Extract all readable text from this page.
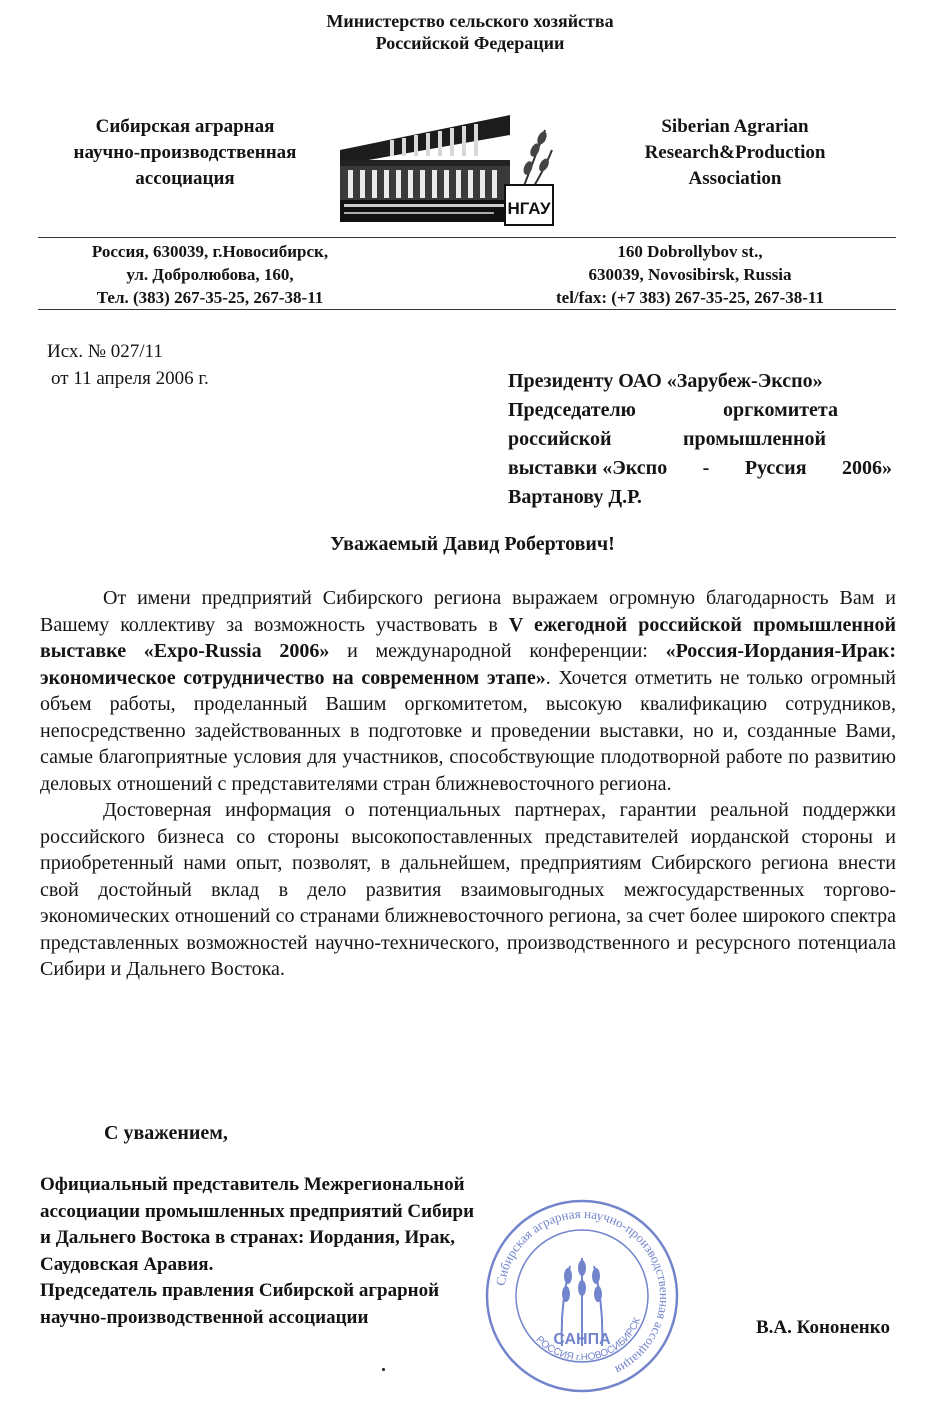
Министерство сельского хозяйства
Российской Федерации
Сибирская аграрная
научно-производственная
ассоциация
НГАУ
Siberian Agrarian
Research&Production
Association
Россия, 630039, г.Новосибирск,
ул. Добролюбова, 160,
Тел. (383) 267-35-25, 267-38-11
160 Dobrollybov st.,
630039, Novosibirsk, Russia
tel/fax: (+7 383) 267-35-25, 267-38-11
Исх. № 027/11
от 11 апреля 2006 г.	Президенту ОАО «Зарубеж-Экспо»
Председателю	оргкомитета
российской	промышленной
выставки «Экспо - Руссия 2006»
Вартанову Д.Р.
Уважаемый Давид Робертович!

От имени предприятий Сибирского региона выражаем огромную благодарность Вам и Вашему коллективу за возможность участвовать в V ежегодной российской промышленной выставке «Expo-Russia 2006» и международной конференции: «Россия-Иордания-Ирак: экономическое сотрудничество на современном этапе». Хочется отметить не только огромный объем работы, проделанный Вашим оргкомитетом, высокую квалификацию сотрудников, непосредственно задействованных в подготовке и проведении выставки, но и, созданные Вами, самые благоприятные условия для участников, способствующие плодотворной работе по развитию деловых отношений с представителями стран ближневосточного региона.

Достоверная информация о потенциальных партнерах, гарантии реальной поддержки российского бизнеса со стороны высокопоставленных представителей иорданской стороны и приобретенный нами опыт, позволят, в дальнейшем, предприятиям Сибирского региона внести свой достойный вклад в дело развития взаимовыгодных межгосударственных торгово-экономических отношений со странами ближневосточного региона, за счет более широкого спектра представленных возможностей научно-технического, производственного и ресурсного потенциала Сибири и Дальнего Востока.

С уважением,
Официальный представитель Межрегиональной
ассоциации промышленных предприятий Сибири
и Дальнего Востока в странах: Иордания, Ирак,
Саудовская Аравия.
Председатель правления Сибирской аграрной
научно-производственной ассоциации
Сибирская аграрная научно-производственная ассоциация
САНПА
РОССИЯ г.НОВОСИБИРСК	В.А. Кононенко
